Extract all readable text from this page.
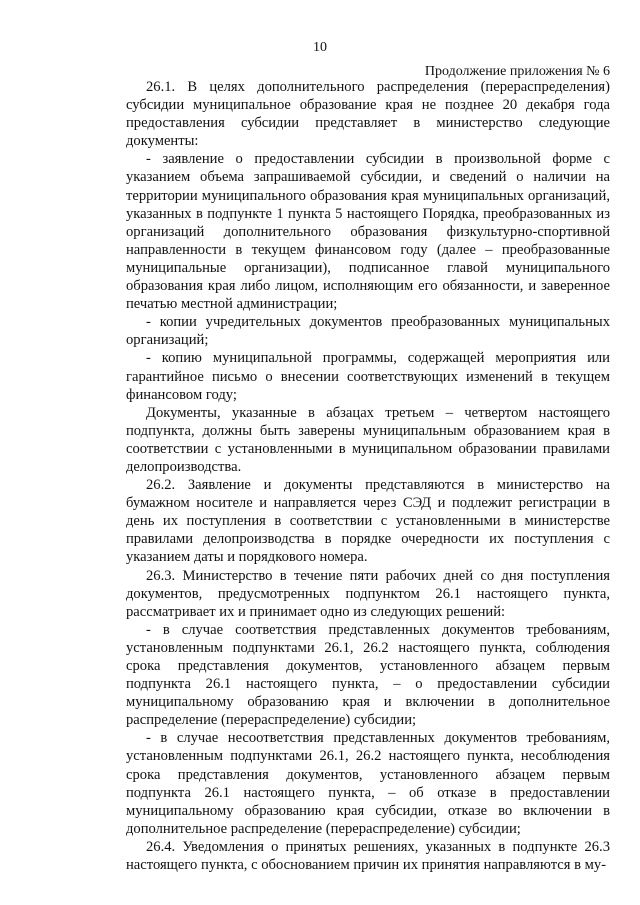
10
Продолжение приложения № 6

26.1. В целях дополнительного распределения (перераспределения) субсидии муниципальное образование края не позднее 20 декабря года предоставления субсидии представляет в министерство следующие документы:

- заявление о предоставлении субсидии в произвольной форме с указанием объема запрашиваемой субсидии, и сведений о наличии на территории муниципального образования края муниципальных организаций, указанных в подпункте 1 пункта 5 настоящего Порядка, преобразованных из организаций дополнительного образования физкультурно-спортивной направленности в текущем финансовом году (далее – преобразованные муниципальные организации), подписанное главой муниципального образования края либо лицом, исполняющим его обязанности, и заверенное печатью местной администрации;

- копии учредительных документов преобразованных муниципальных организаций;

- копию муниципальной программы, содержащей мероприятия или гарантийное письмо о внесении соответствующих изменений в текущем финансовом году;

Документы, указанные в абзацах третьем – четвертом настоящего подпункта, должны быть заверены муниципальным образованием края в соответствии с установленными в муниципальном образовании правилами делопроизводства.

26.2. Заявление и документы представляются в министерство на бумажном носителе и направляется через СЭД и подлежит регистрации в день их поступления в соответствии с установленными в министерстве правилами делопроизводства в порядке очередности их поступления с указанием даты и порядкового номера.

26.3. Министерство в течение пяти рабочих дней со дня поступления документов, предусмотренных подпунктом 26.1 настоящего пункта, рассматривает их и принимает одно из следующих решений:

- в случае соответствия представленных документов требованиям, установленным подпунктами 26.1, 26.2 настоящего пункта, соблюдения срока представления документов, установленного абзацем первым подпункта 26.1 настоящего пункта, – о предоставлении субсидии муниципальному образованию края и включении в дополнительное распределение (перераспределение) субсидии;

- в случае несоответствия представленных документов требованиям, установленным подпунктами 26.1, 26.2 настоящего пункта, несоблюдения срока представления документов, установленного абзацем первым подпункта 26.1 настоящего пункта, – об отказе в предоставлении муниципальному образованию края субсидии, отказе во включении в дополнительное распределение (перераспределение) субсидии;

26.4. Уведомления о принятых решениях, указанных в подпункте 26.3 настоящего пункта, с обоснованием причин их принятия направляются в му-
